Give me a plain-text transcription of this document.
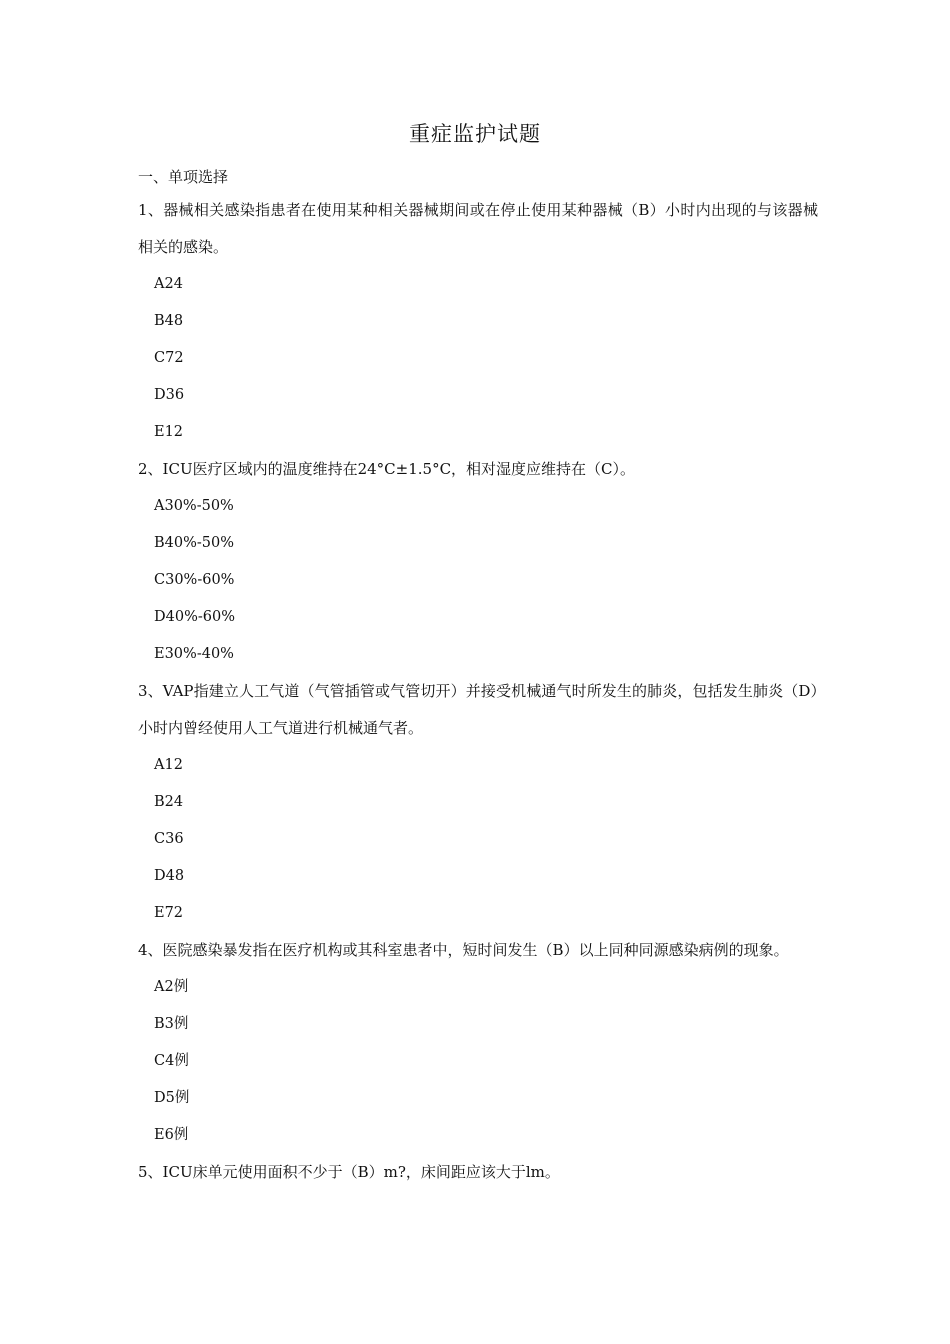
重症监护试题
一、单项选择
1、器械相关感染指患者在使用某种相关器械期间或在停止使用某种器械（B）小时内出现的与该器械相关的感染。
A24
B48
C72
D36
E12
2、ICU医疗区域内的温度维持在24°C±1.5°C，相对湿度应维持在（C）。
A30%-50%
B40%-50%
C30%-60%
D40%-60%
E30%-40%
3、VAP指建立人工气道（气管插管或气管切开）并接受机械通气时所发生的肺炎，包括发生肺炎（D）小时内曾经使用人工气道进行机械通气者。
A12
B24
C36
D48
E72
4、医院感染暴发指在医疗机构或其科室患者中，短时间发生（B）以上同种同源感染病例的现象。
A2例
B3例
C4例
D5例
E6例
5、ICU床单元使用面积不少于（B）m?，床间距应该大于lm。
